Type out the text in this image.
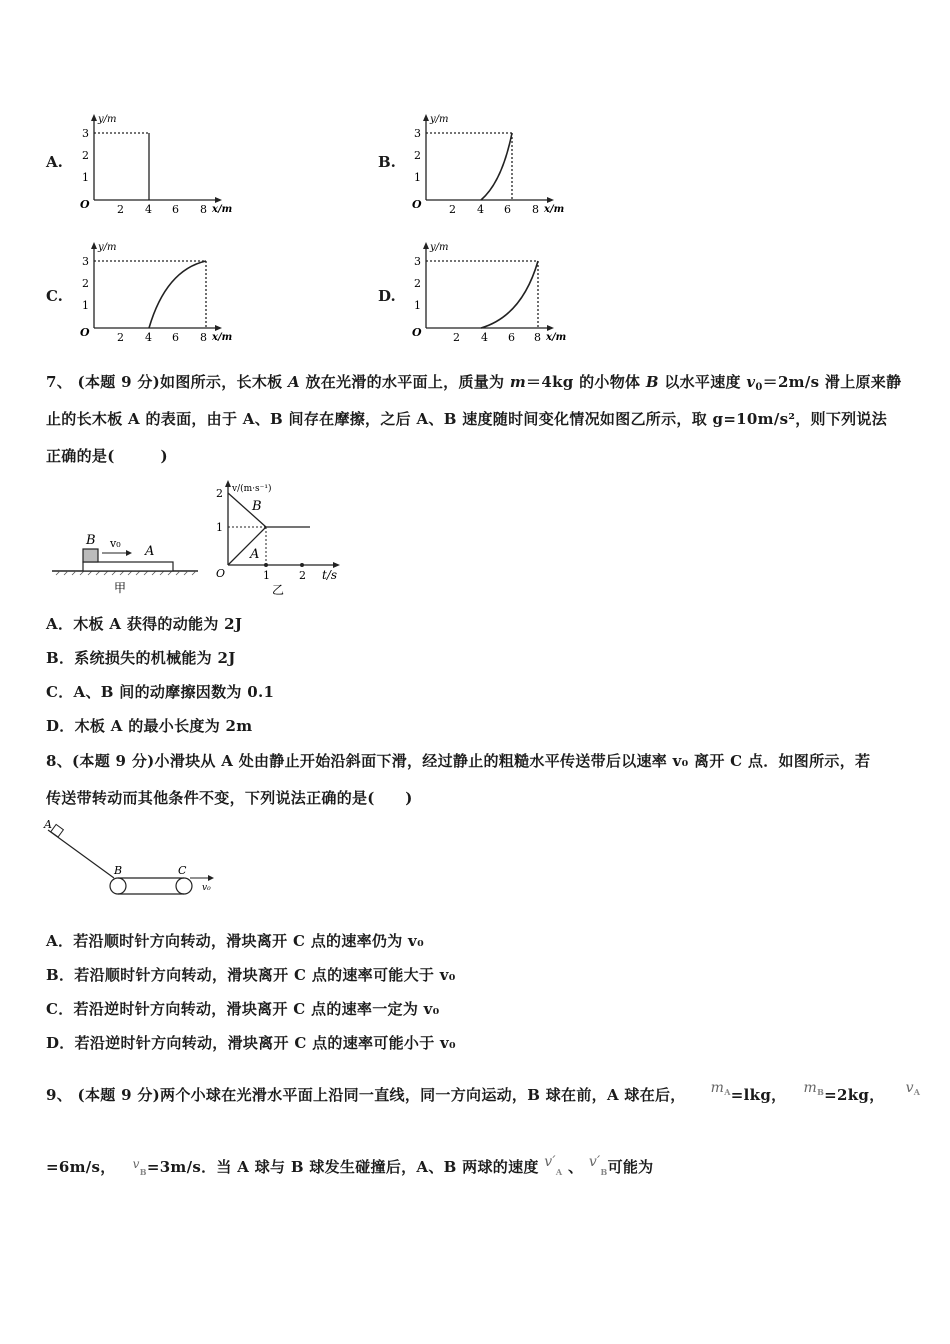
A.	B.
C.	D.
y/m
3
2
1
O 2 4 6 8 x/m
y/m
3
2
1
O 2 4 6 8 x/m
y/m
3
2
1
O 2 4 6 8 x/m
y/m
3
2
1
O	2 4 6 8 x/m
7、 (本题 9 分)如图所示，长木板 A 放在光滑的水平面上，质量为 m＝4kg 的小物体 B 以水平速度 $v_0=2m/s$ 滑上原来静
止的长木板 A 的表面，由于 A、B 间存在摩擦，之后 A、B 速度随时间变化情况如图乙所示，取 g=10m/s²，则下列说法
正确的是(　　　)
B v₀
A
甲
v/(m·s⁻¹)
2
1
O	1	2 t/s
B
A
乙
A．木板 A 获得的动能为 2J
B．系统损失的机械能为 2J
C．A、B 间的动摩擦因数为 0.1
D．木板 A 的最小长度为 2m
8、(本题 9 分)小滑块从 A 处由静止开始沿斜面下滑，经过静止的粗糙水平传送带后以速率 v₀ 离开 C 点．如图所示，若
传送带转动而其他条件不变，下列说法正确的是(　　)
A
B	C
v₀
A．若沿顺时针方向转动，滑块离开 C 点的速率仍为 v₀
B．若沿顺时针方向转动，滑块离开 C 点的速率可能大于 v₀
C．若沿逆时针方向转动，滑块离开 C 点的速率一定为 v₀
D．若沿逆时针方向转动，滑块离开 C 点的速率可能小于 v₀
9、 (本题 9 分)两个小球在光滑水平面上沿同一直线，同一方向运动，B 球在前，A 球在后， $m^A=lkg$， $m^B=2kg$， $v^A$
=6m/s， $^v_B$=3m/s．当 A 球与 B 球发生碰撞后，A、B 两球的速度 $v'_A$ 、 $v'_B$可能为
